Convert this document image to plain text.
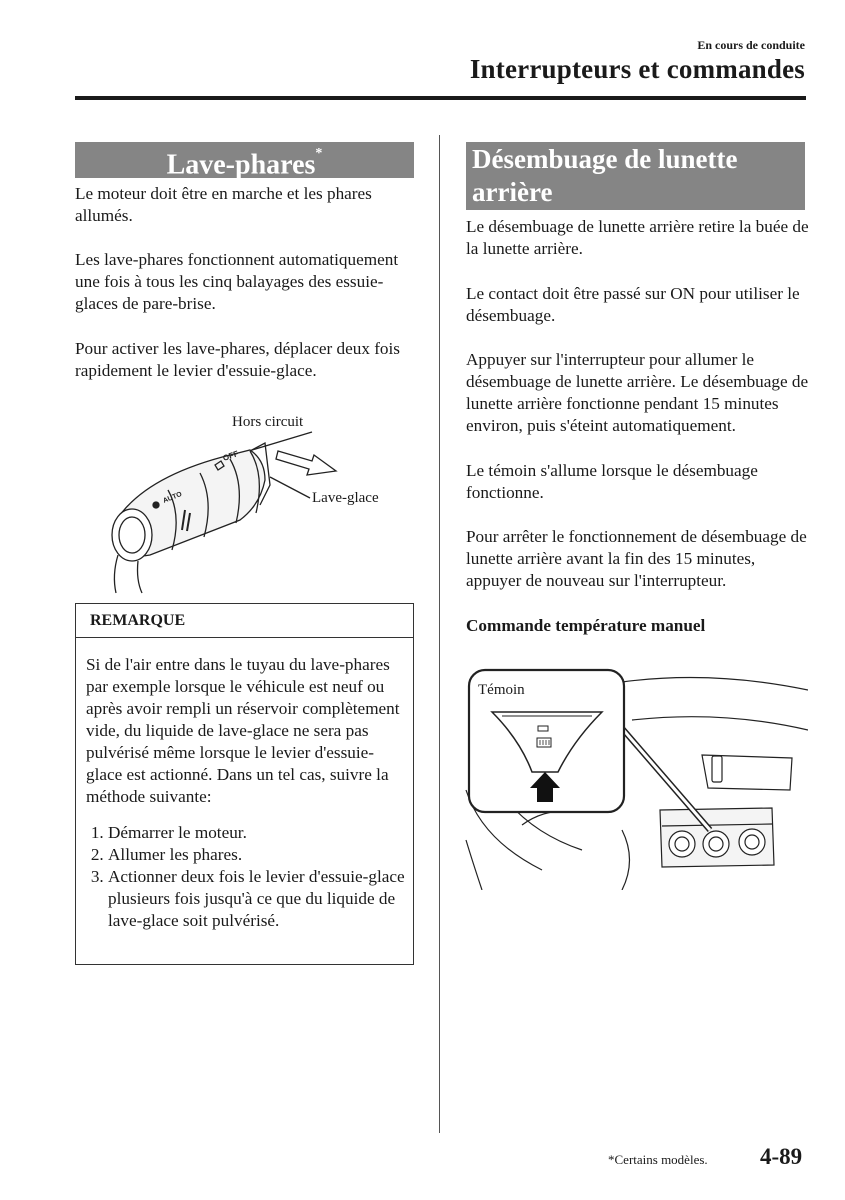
En cours de conduite
Interrupteurs et commandes
Lave-phares*
Le moteur doit être en marche et les phares allumés.
Les lave-phares fonctionnent automatiquement une fois à tous les cinq balayages des essuie-glaces de pare-brise.
Pour activer les lave-phares, déplacer deux fois rapidement le levier d'essuie-glace.
OFF
AUTO
Hors circuit
Lave-glace
REMARQUE
Si de l'air entre dans le tuyau du lave-phares par exemple lorsque le véhicule est neuf ou après avoir rempli un réservoir complètement vide, du liquide de lave-glace ne sera pas pulvérisé même lorsque le levier d'essuie-glace est actionné. Dans un tel cas, suivre la méthode suivante:
1. Démarrer le moteur.
2. Allumer les phares.
3. Actionner deux fois le levier d'essuie-glace plusieurs fois jusqu'à ce que du liquide de lave-glace soit pulvérisé.
Désembuage de lunette arrière
Le désembuage de lunette arrière retire la buée de la lunette arrière.
Le contact doit être passé sur ON pour utiliser le désembuage.
Appuyer sur l'interrupteur pour allumer le désembuage de lunette arrière. Le désembuage de lunette arrière fonctionne pendant 15 minutes environ, puis s'éteint automatiquement.
Le témoin s'allume lorsque le désembuage fonctionne.
Pour arrêter le fonctionnement de désembuage de lunette arrière avant la fin des 15 minutes, appuyer de nouveau sur l'interrupteur.
Commande température manuel
Témoin
*Certains modèles. 4-89
